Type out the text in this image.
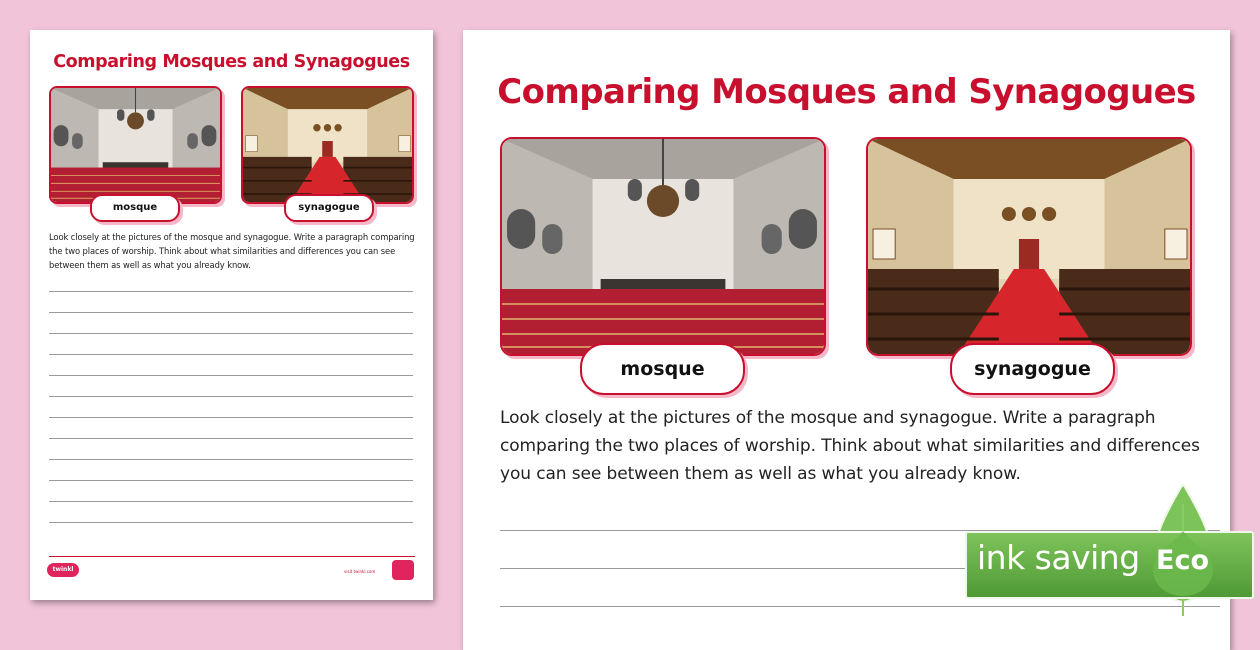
Comparing Mosques and Synagogues
mosque	synagogue
Look closely at the pictures of the mosque and synagogue. Write a paragraph comparing the two places of worship. Think about what similarities and differences you can see between them as well as what you already know.
twinkl	visit twinkl.com
Comparing Mosques and Synagogues
mosque	synagogue
Look closely at the pictures of the mosque and synagogue. Write a paragraph comparing the two places of worship. Think about what similarities and differences you can see between them as well as what you already know.
ink saving Eco
